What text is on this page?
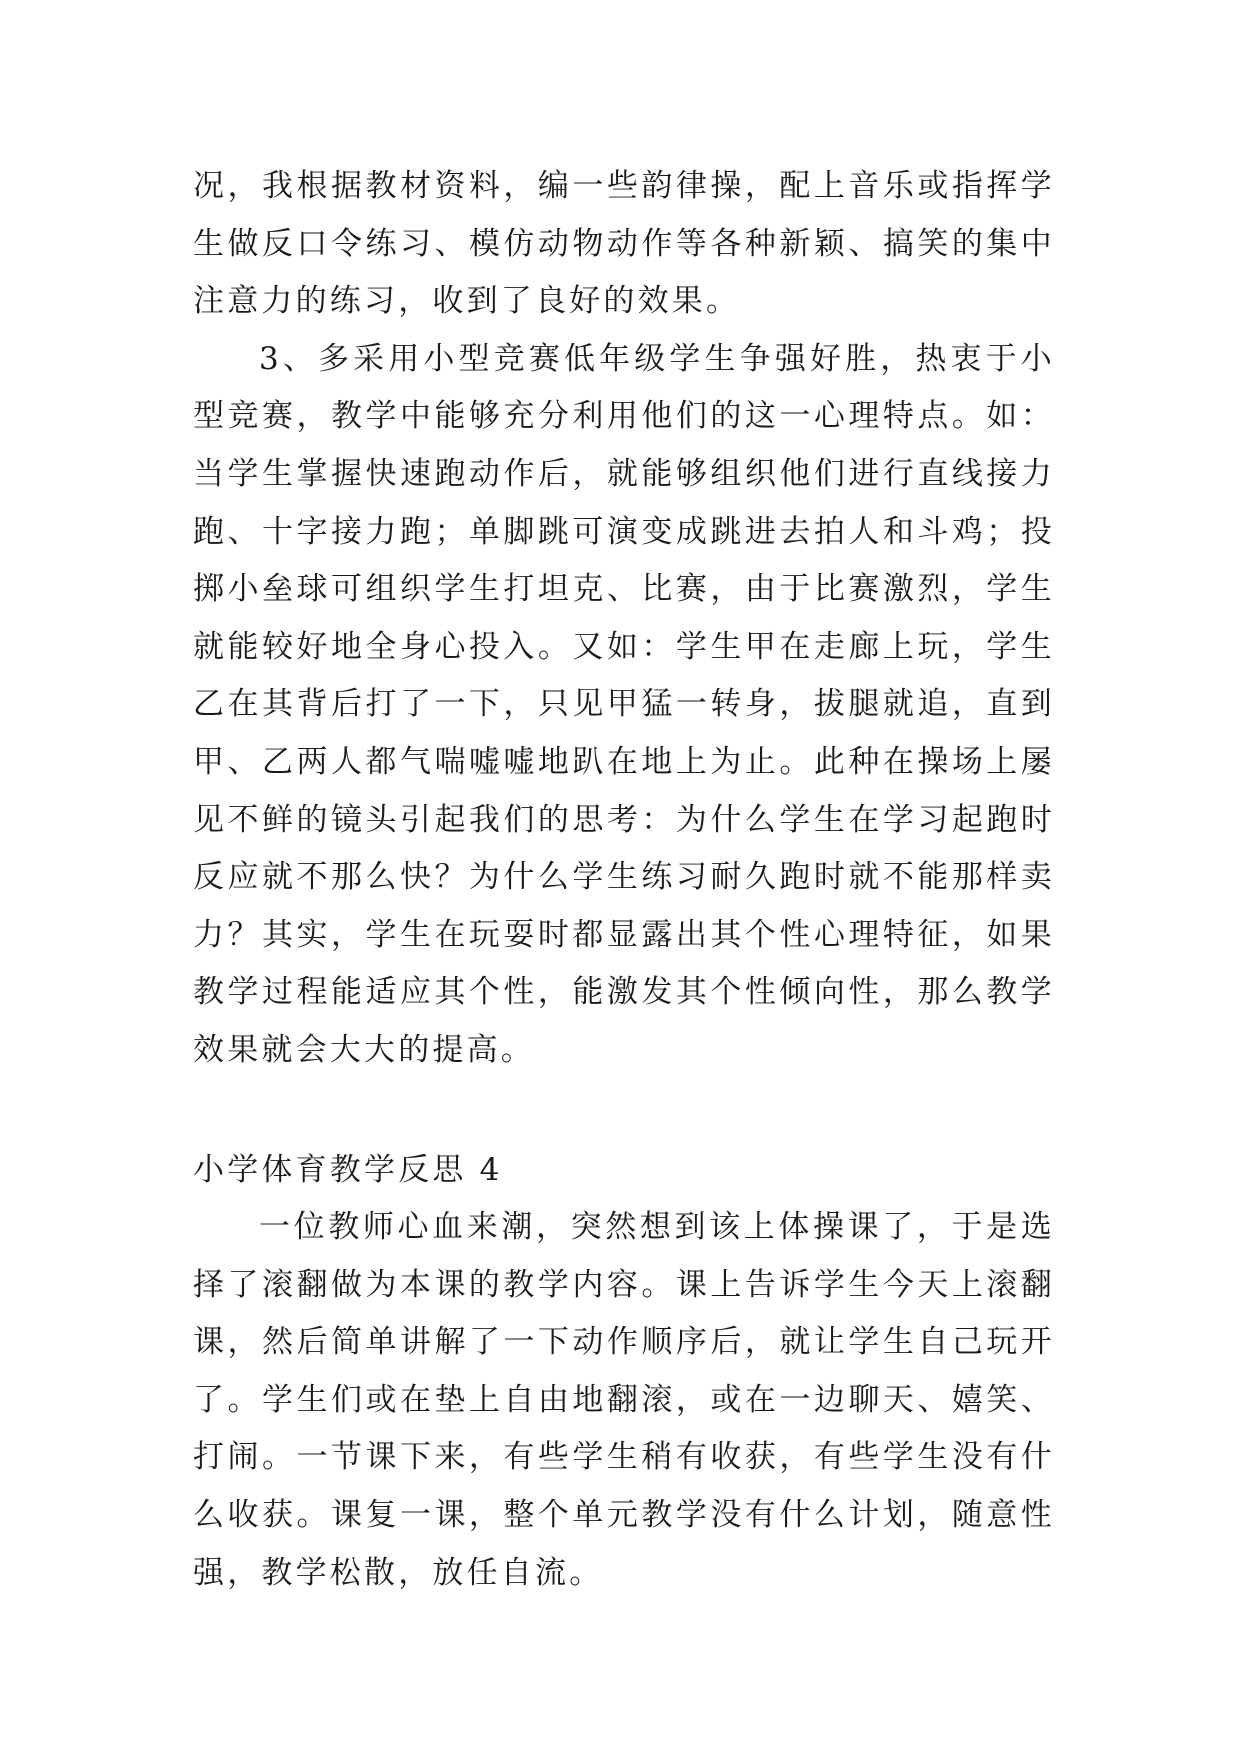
况，我根据教材资料，编一些韵律操，配上音乐或指挥学生做反口令练习、模仿动物动作等各种新颖、搞笑的集中注意力的练习，收到了良好的效果。

3、多采用小型竞赛低年级学生争强好胜，热衷于小型竞赛，教学中能够充分利用他们的这一心理特点。如：当学生掌握快速跑动作后，就能够组织他们进行直线接力跑、十字接力跑；单脚跳可演变成跳进去拍人和斗鸡；投掷小垒球可组织学生打坦克、比赛，由于比赛激烈，学生就能较好地全身心投入。又如：学生甲在走廊上玩，学生乙在其背后打了一下，只见甲猛一转身，拔腿就追，直到甲、乙两人都气喘嘘嘘地趴在地上为止。此种在操场上屡见不鲜的镜头引起我们的思考：为什么学生在学习起跑时反应就不那么快？为什么学生练习耐久跑时就不能那样卖力？其实，学生在玩耍时都显露出其个性心理特征，如果教学过程能适应其个性，能激发其个性倾向性，那么教学效果就会大大的提高。

小学体育教学反思 4

一位教师心血来潮，突然想到该上体操课了，于是选择了滚翻做为本课的教学内容。课上告诉学生今天上滚翻课，然后简单讲解了一下动作顺序后，就让学生自己玩开了。学生们或在垫上自由地翻滚，或在一边聊天、嬉笑、打闹。一节课下来，有些学生稍有收获，有些学生没有什么收获。课复一课，整个单元教学没有什么计划，随意性强，教学松散，放任自流。
